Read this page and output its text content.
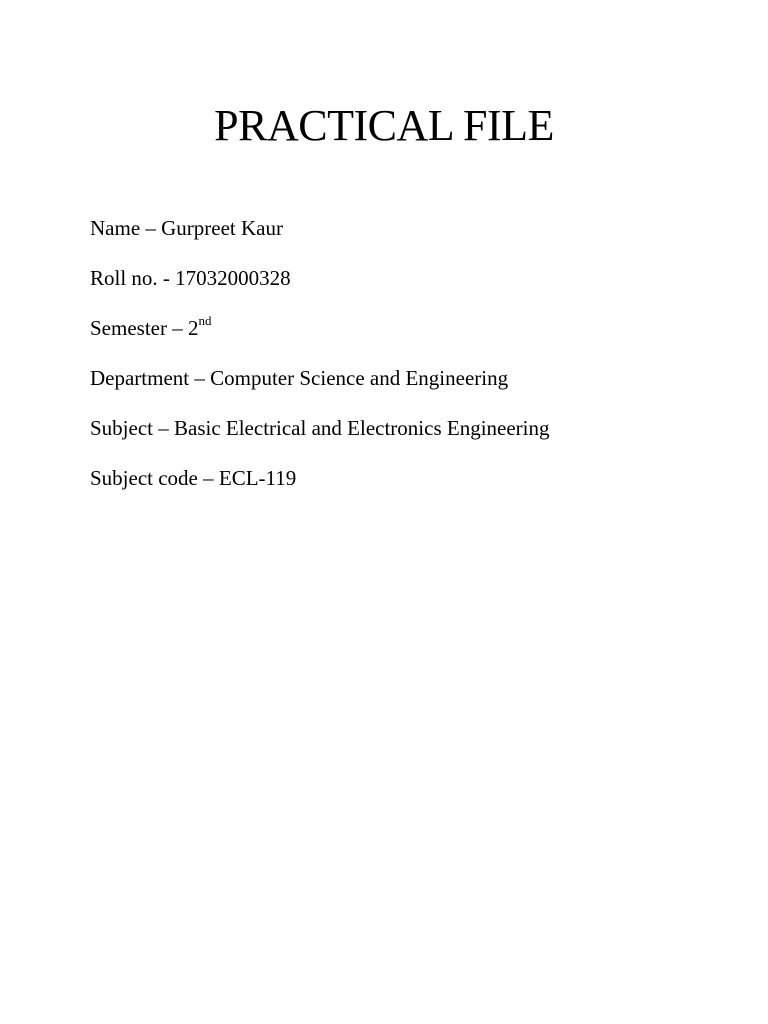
PRACTICAL FILE

Name – Gurpreet Kaur

Roll no. - 17032000328

Semester – 2nd

Department – Computer Science and Engineering

Subject – Basic Electrical and Electronics Engineering

Subject code – ECL-119
